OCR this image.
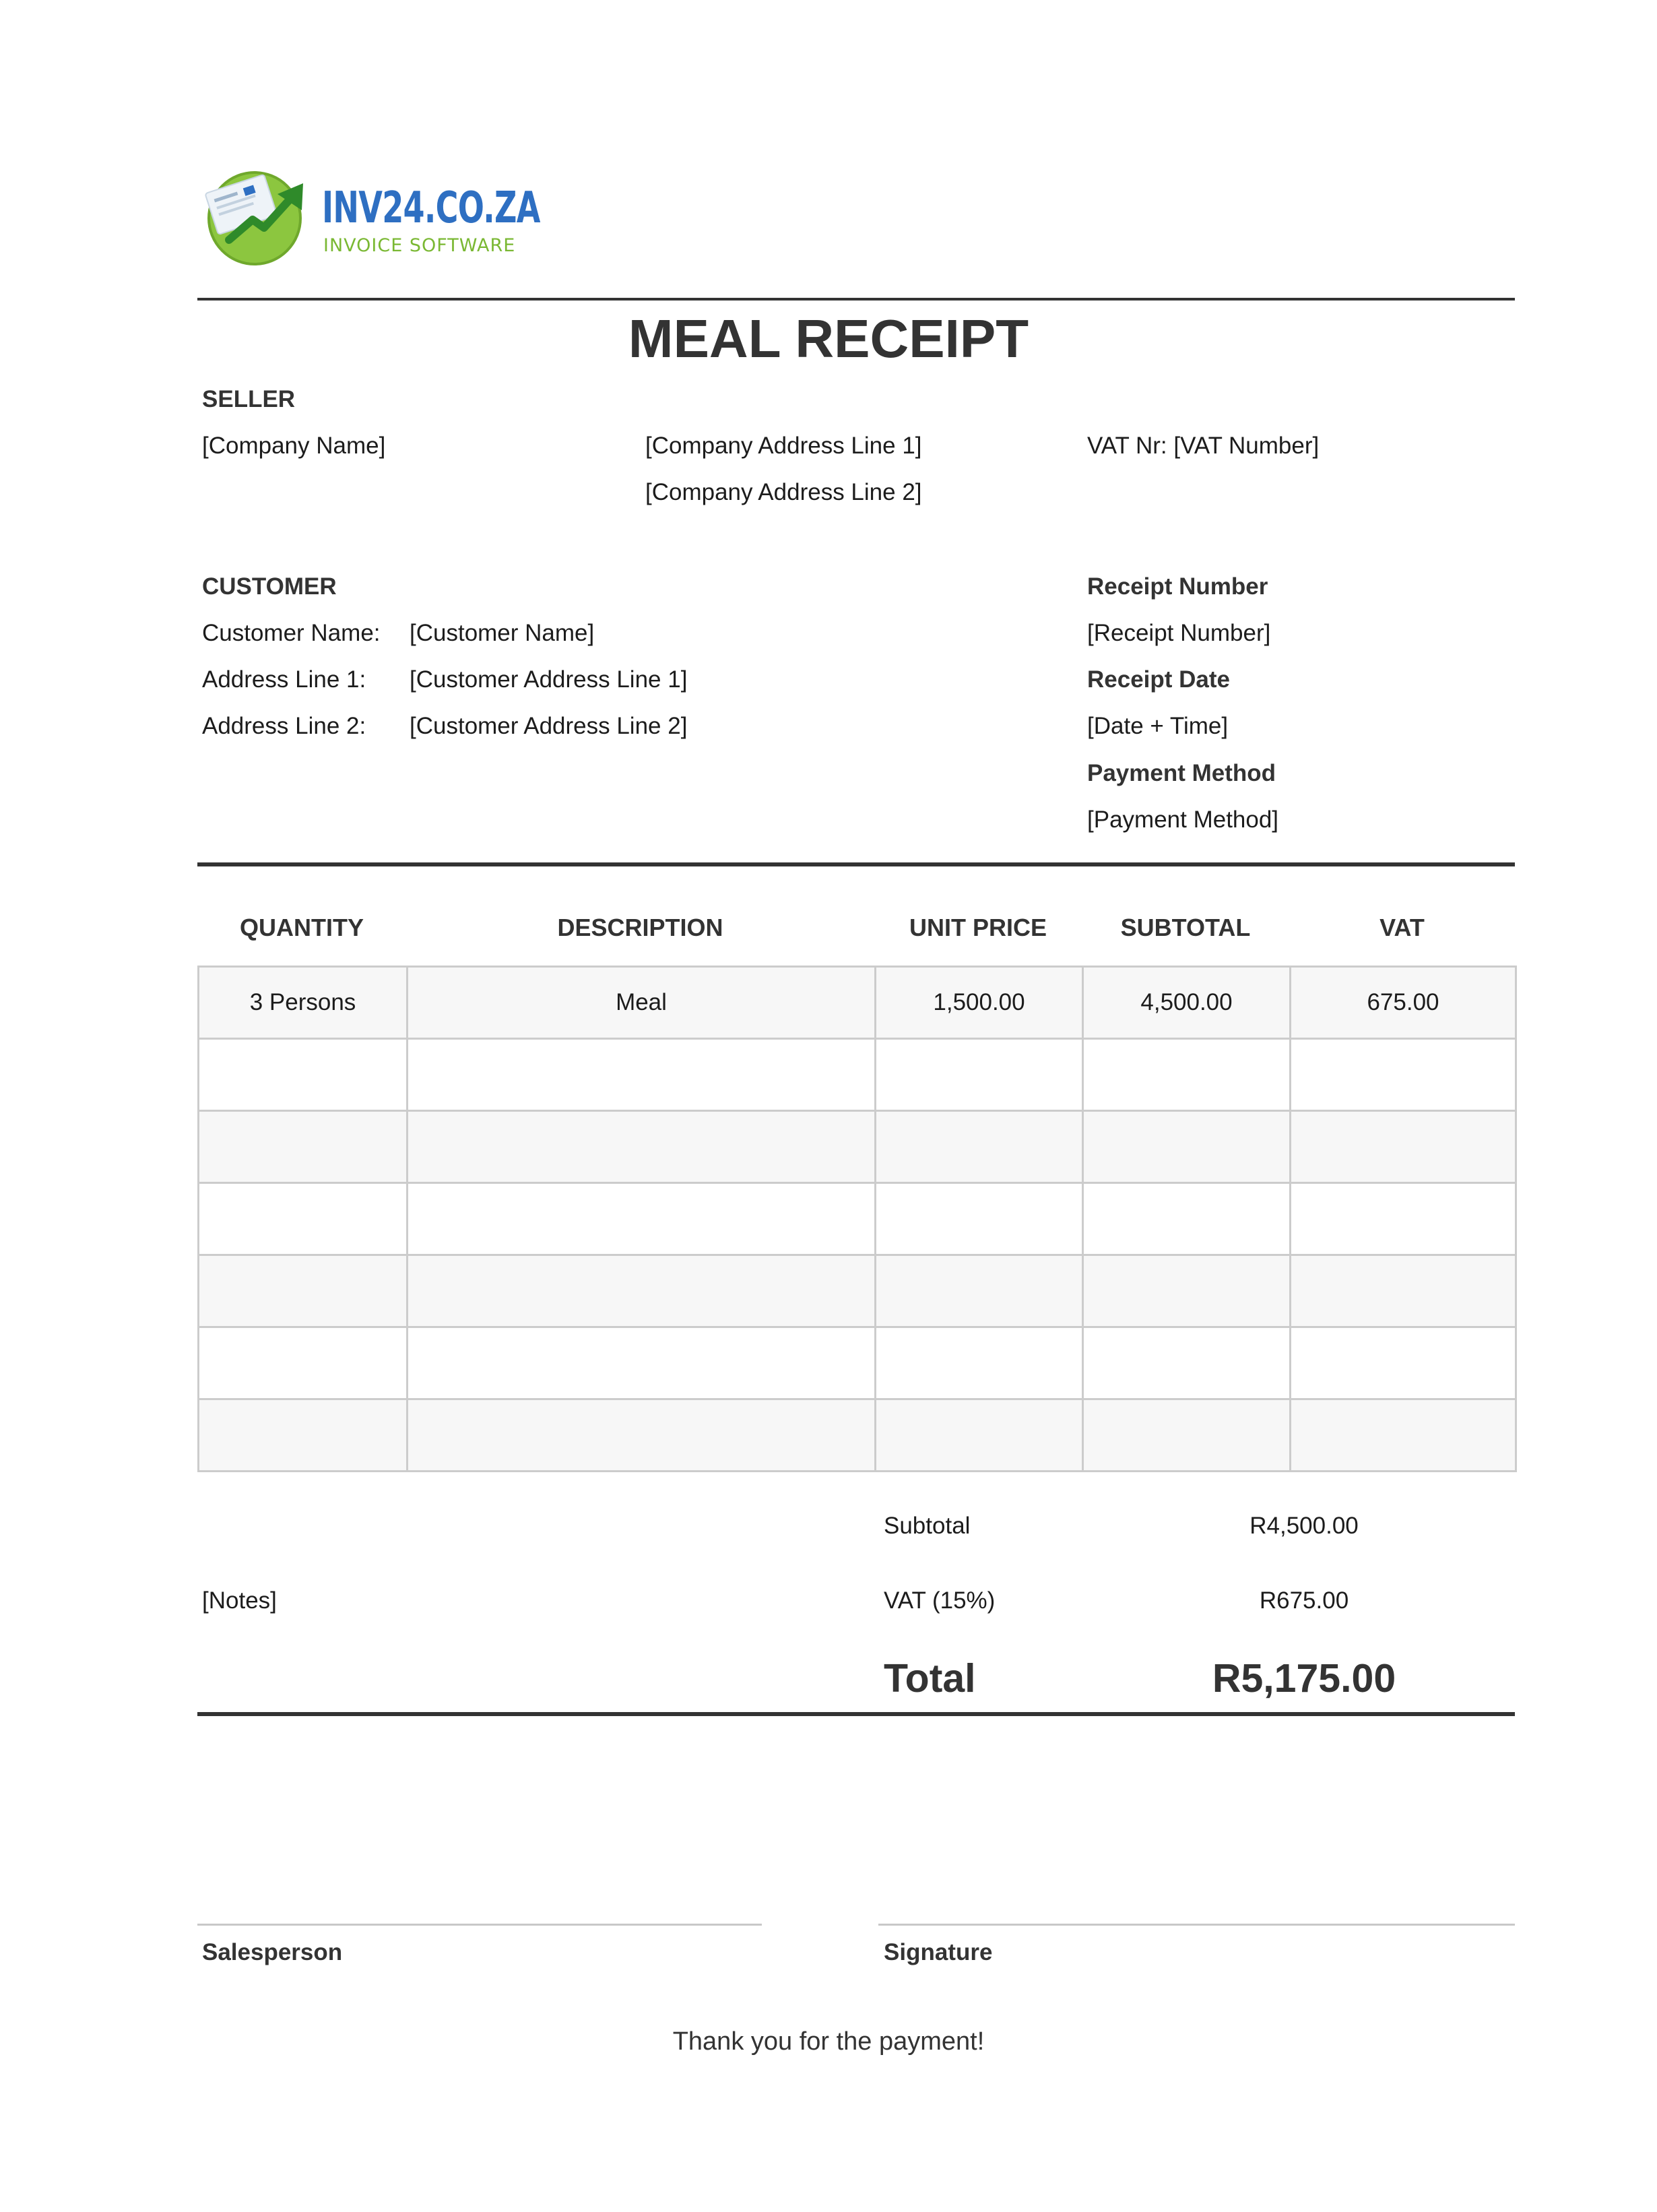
INV24.CO.ZA
INVOICE SOFTWARE
MEAL RECEIPT
SELLER
[Company Name]	[Company Address Line 1]
[Company Address Line 2]
VAT Nr: [VAT Number]
CUSTOMER
Customer Name: [Customer Name]
Address Line 1: [Customer Address Line 1]
Address Line 2: [Customer Address Line 2]
Receipt Number
[Receipt Number]
Receipt Date
[Date + Time]
Payment Method
[Payment Method]
QUANTITY	DESCRIPTION	UNIT PRICE	SUBTOTAL	VAT
3 Persons	Meal	1,500.00	4,500.00	675.00

Subtotal	R4,500.00
[Notes]	VAT (15%)	R675.00
Total	R5,175.00
Salesperson	Signature
Thank you for the payment!
